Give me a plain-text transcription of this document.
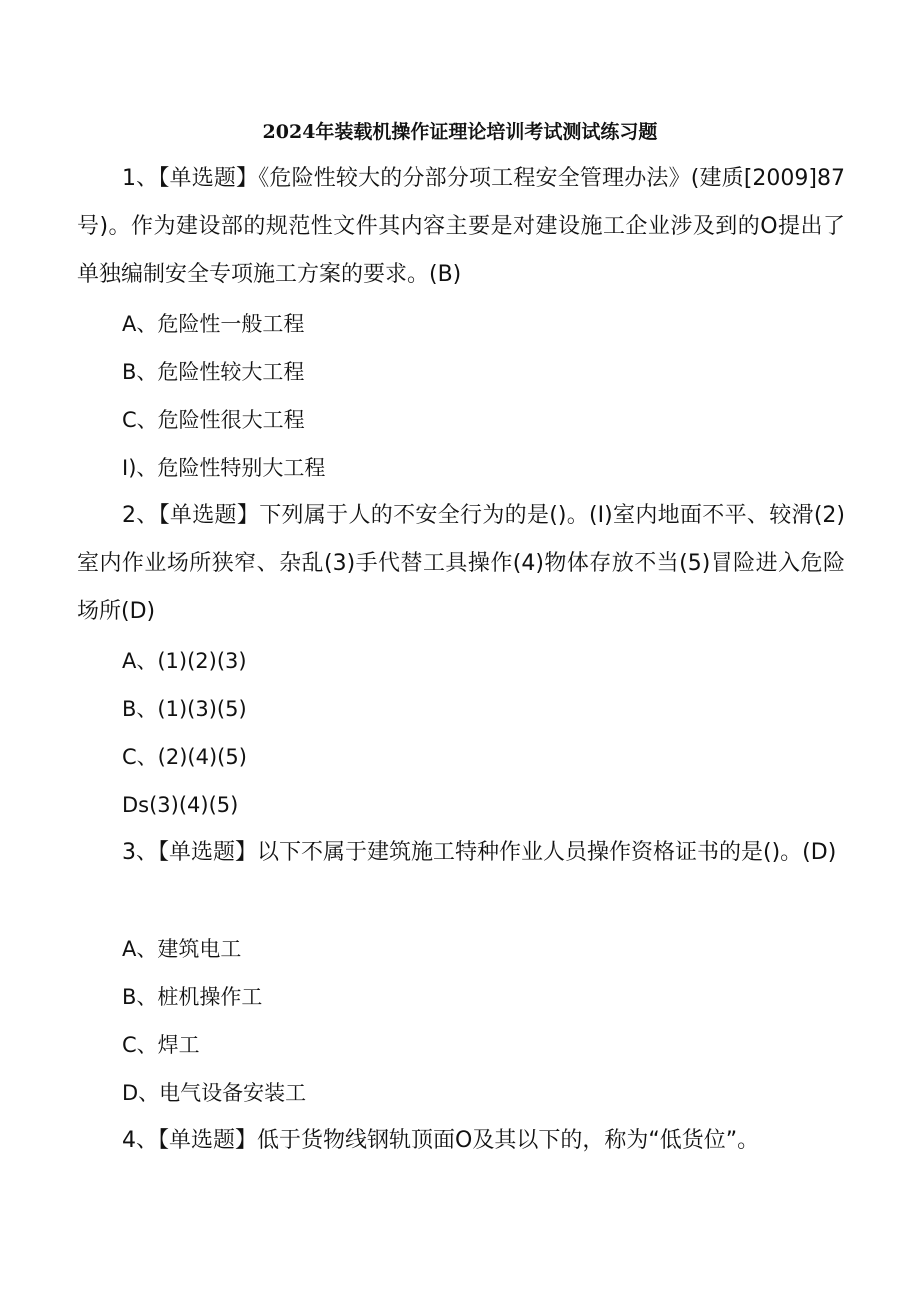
2024年装载机操作证理论培训考试测试练习题
1、【单选题】《危险性较大的分部分项工程安全管理办法》(建质[2009]87号)。作为建设部的规范性文件其内容主要是对建设施工企业涉及到的O提出了单独编制安全专项施工方案的要求。(B)
A、危险性一般工程
B、危险性较大工程
C、危险性很大工程
I)、危险性特别大工程
2、【单选题】下列属于人的不安全行为的是()。(I)室内地面不平、较滑(2)室内作业场所狭窄、杂乱(3)手代替工具操作(4)物体存放不当(5)冒险进入危险场所(D)
A、(1)(2)(3)
B、(1)(3)(5)
C、(2)(4)(5)
Ds(3)(4)(5)
3、【单选题】以下不属于建筑施工特种作业人员操作资格证书的是()。(D)
A、建筑电工
B、桩机操作工
C、焊工
D、电气设备安装工
4、【单选题】低于货物线钢轨顶面O及其以下的，称为“低货位”。
